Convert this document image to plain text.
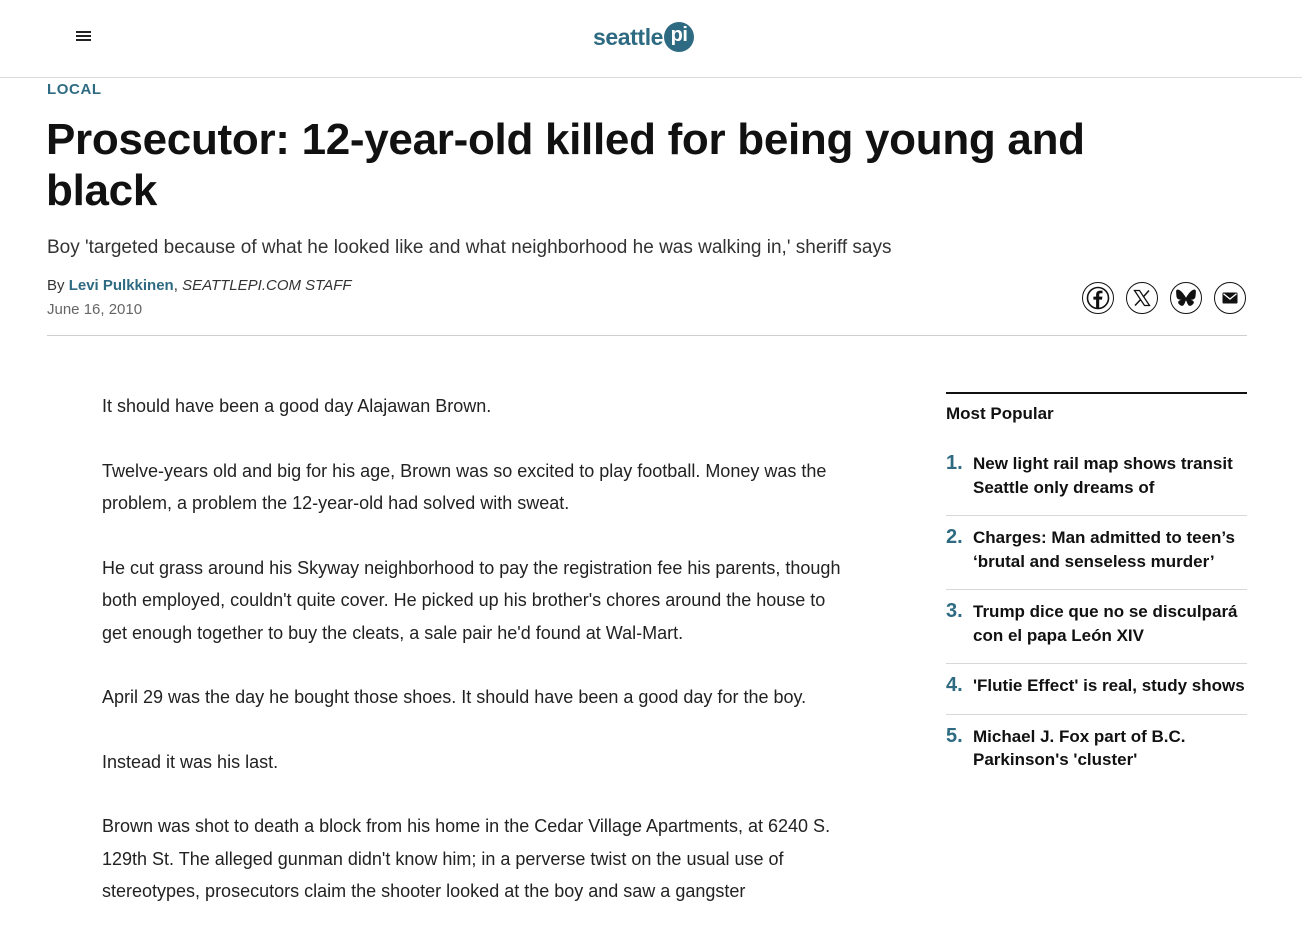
seattle pi
LOCAL
Prosecutor: 12-year-old killed for being young and black

Boy 'targeted because of what he looked like and what neighborhood he was walking in,' sheriff says

By Levi Pulkkinen, SEATTLEPI.COM STAFF
June 16, 2010

It should have been a good day Alajawan Brown.

Twelve-years old and big for his age, Brown was so excited to play football. Money was the problem, a problem the 12-year-old had solved with sweat.

He cut grass around his Skyway neighborhood to pay the registration fee his parents, though both employed, couldn't quite cover. He picked up his brother's chores around the house to get enough together to buy the cleats, a sale pair he'd found at Wal-Mart.

April 29 was the day he bought those shoes. It should have been a good day for the boy.

Instead it was his last.

Brown was shot to death a block from his home in the Cedar Village Apartments, at 6240 S. 129th St. The alleged gunman didn't know him; in a perverse twist on the usual use of stereotypes, prosecutors claim the shooter looked at the boy and saw a gangster

Most Popular
1. New light rail map shows transit Seattle only dreams of
2. Charges: Man admitted to teen’s ‘brutal and senseless murder’
3. Trump dice que no se disculpará con el papa León XIV
4. 'Flutie Effect' is real, study shows
5. Michael J. Fox part of B.C. Parkinson's 'cluster'
